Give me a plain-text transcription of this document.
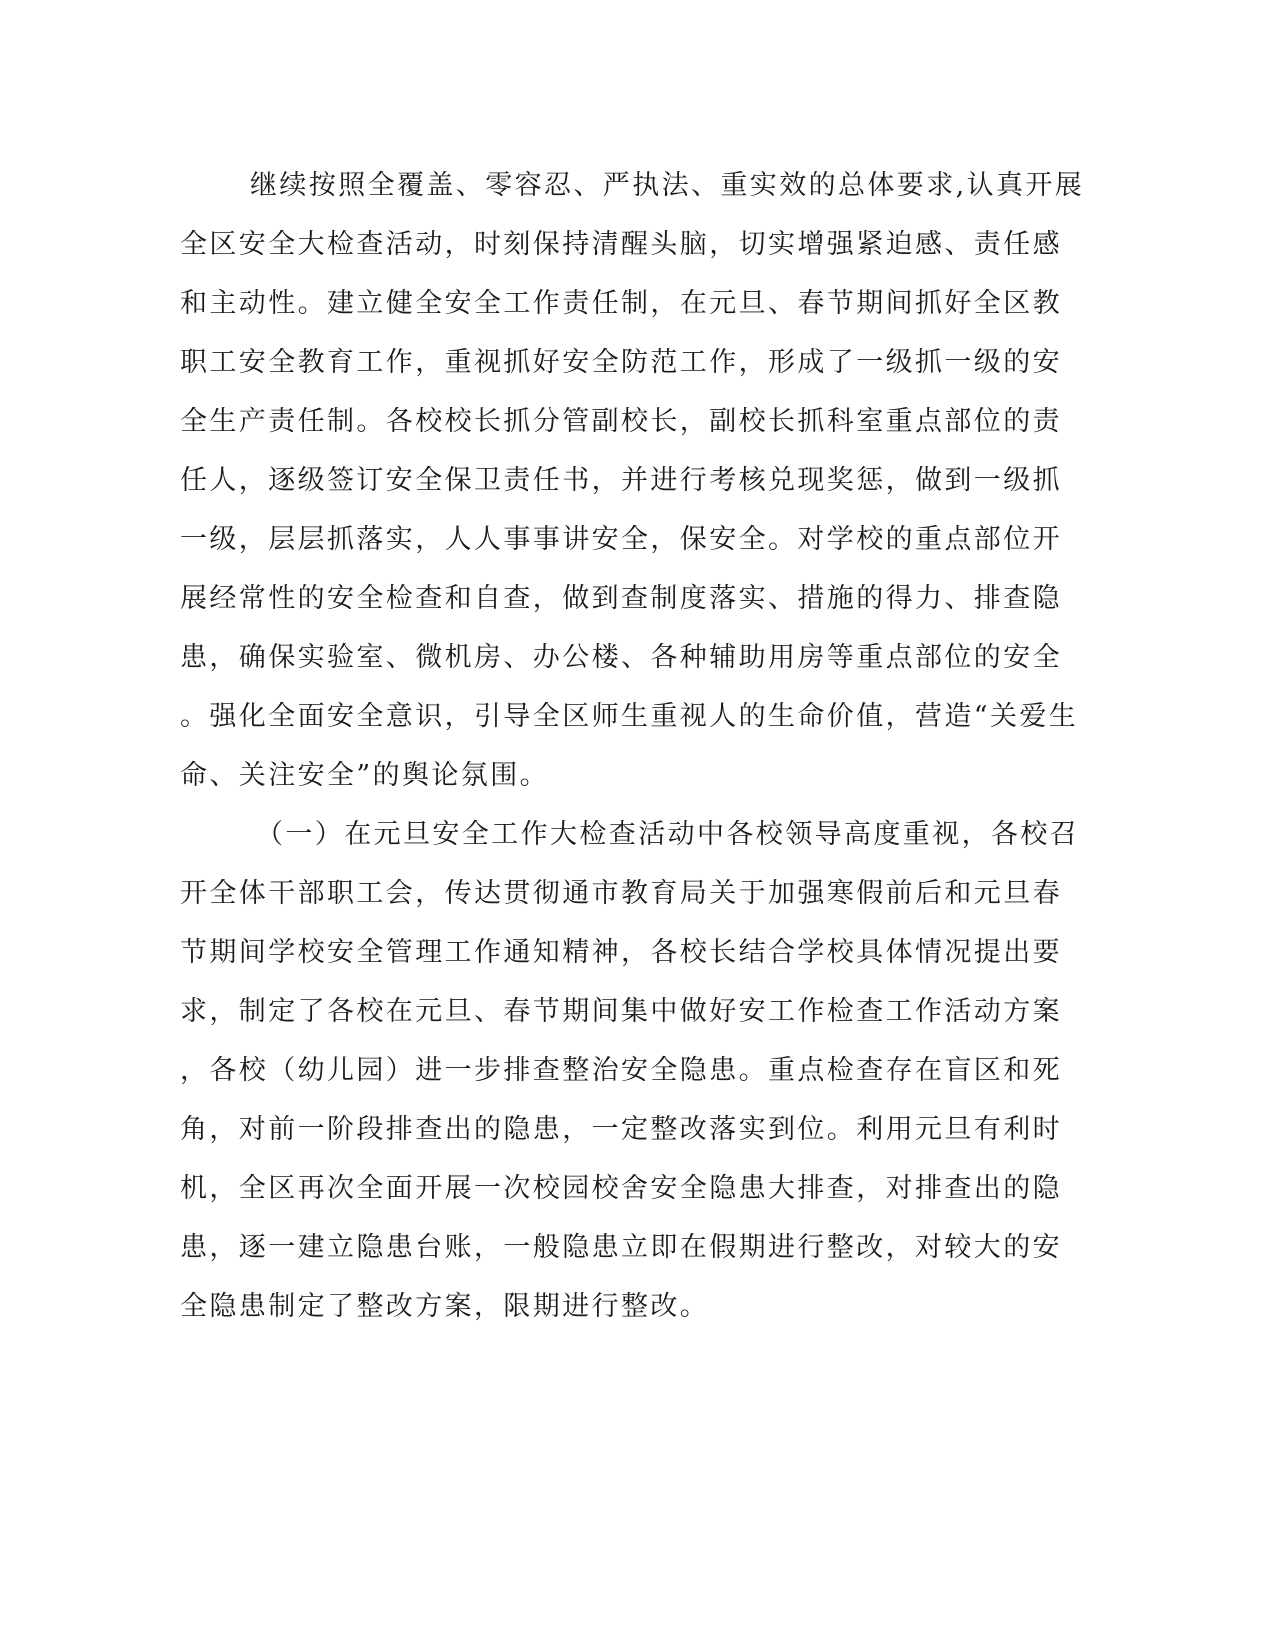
继续按照全覆盖、零容忍、严执法、重实效的总体要求,认真开展
全区安全大检查活动，时刻保持清醒头脑，切实增强紧迫感、责任感
和主动性。建立健全安全工作责任制，在元旦、春节期间抓好全区教
职工安全教育工作，重视抓好安全防范工作，形成了一级抓一级的安
全生产责任制。各校校长抓分管副校长，副校长抓科室重点部位的责
任人，逐级签订安全保卫责任书，并进行考核兑现奖惩，做到一级抓
一级，层层抓落实，人人事事讲安全，保安全。对学校的重点部位开
展经常性的安全检查和自查，做到查制度落实、措施的得力、排查隐
患，确保实验室、微机房、办公楼、各种辅助用房等重点部位的安全
。强化全面安全意识，引导全区师生重视人的生命价值，营造“关爱生
命、关注安全”的舆论氛围。
（一）在元旦安全工作大检查活动中各校领导高度重视，各校召
开全体干部职工会，传达贯彻通市教育局关于加强寒假前后和元旦春
节期间学校安全管理工作通知精神，各校长结合学校具体情况提出要
求，制定了各校在元旦、春节期间集中做好安工作检查工作活动方案
，各校（幼儿园）进一步排查整治安全隐患。重点检查存在盲区和死
角，对前一阶段排查出的隐患，一定整改落实到位。利用元旦有利时
机，全区再次全面开展一次校园校舍安全隐患大排查，对排查出的隐
患，逐一建立隐患台账，一般隐患立即在假期进行整改，对较大的安
全隐患制定了整改方案，限期进行整改。
